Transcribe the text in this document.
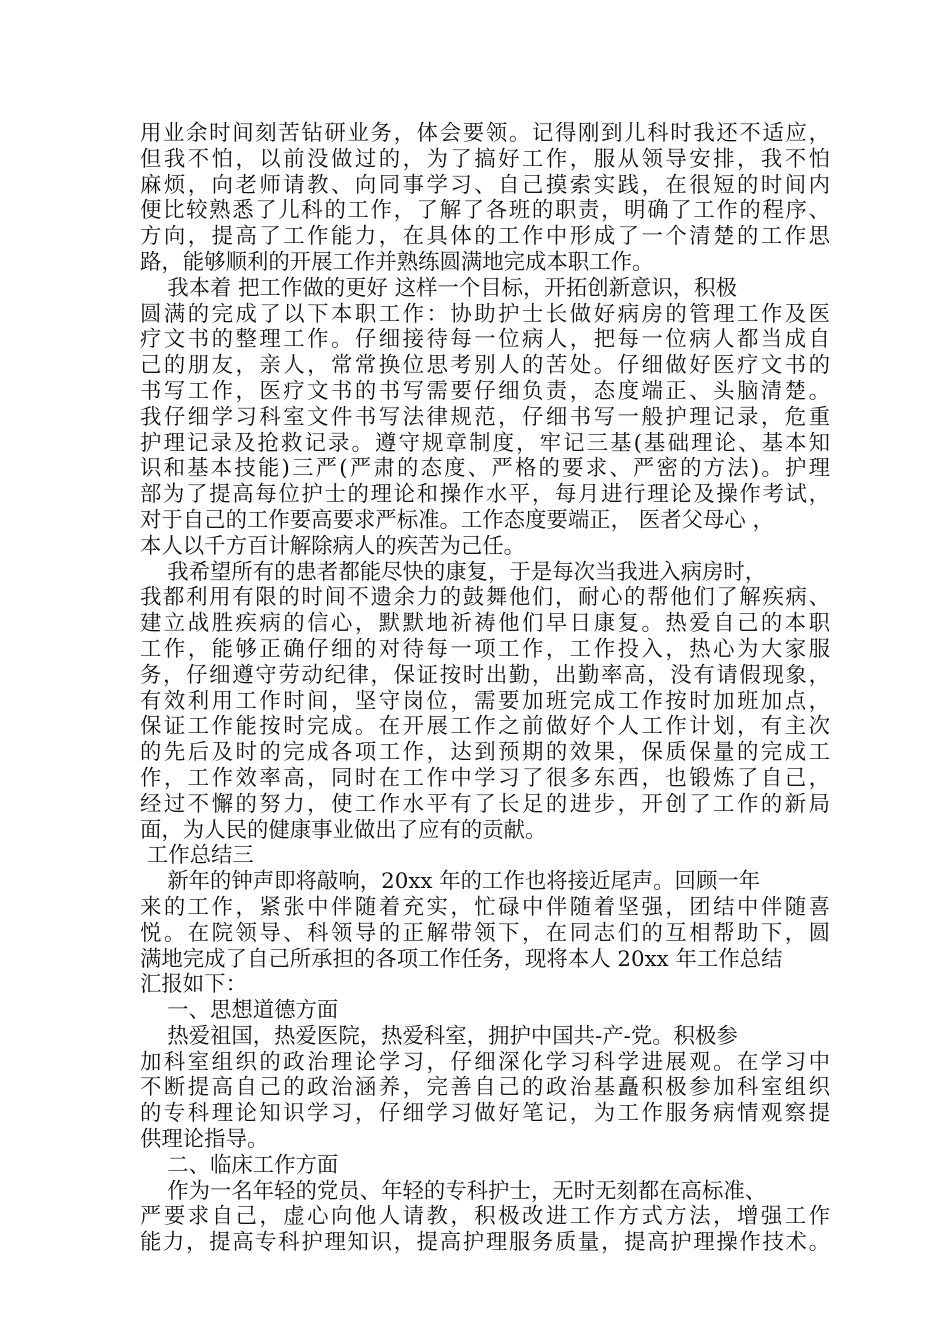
用业余时间刻苦钻研业务，体会要领。记得刚到儿科时我还不适应，
但我不怕，以前没做过的，为了搞好工作，服从领导安排，我不怕
麻烦，向老师请教、向同事学习、自己摸索实践，在很短的时间内
便比较熟悉了儿科的工作，了解了各班的职责，明确了工作的程序、
方向，提高了工作能力，在具体的工作中形成了一个清楚的工作思
路，能够顺利的开展工作并熟练圆满地完成本职工作。
我本着 把工作做的更好 这样一个目标，开拓创新意识，积极
圆满的完成了以下本职工作：协助护士长做好病房的管理工作及医
疗文书的整理工作。仔细接待每一位病人，把每一位病人都当成自
己的朋友，亲人，常常换位思考别人的苦处。仔细做好医疗文书的
书写工作，医疗文书的书写需要仔细负责，态度端正、头脑清楚。
我仔细学习科室文件书写法律规范，仔细书写一般护理记录，危重
护理记录及抢救记录。遵守规章制度，牢记三基(基础理论、基本知
识和基本技能)三严(严肃的态度、严格的要求、严密的方法)。护理
部为了提高每位护士的理论和操作水平，每月进行理论及操作考试，
对于自己的工作要高要求严标准。工作态度要端正， 医者父母心 ，
本人以千方百计解除病人的疾苦为己任。
我希望所有的患者都能尽快的康复，于是每次当我进入病房时，
我都利用有限的时间不遗余力的鼓舞他们，耐心的帮他们了解疾病、
建立战胜疾病的信心，默默地祈祷他们早日康复。热爱自己的本职
工作，能够正确仔细的对待每一项工作，工作投入，热心为大家服
务，仔细遵守劳动纪律，保证按时出勤，出勤率高，没有请假现象，
有效利用工作时间，坚守岗位，需要加班完成工作按时加班加点，
保证工作能按时完成。在开展工作之前做好个人工作计划，有主次
的先后及时的完成各项工作，达到预期的效果，保质保量的完成工
作，工作效率高，同时在工作中学习了很多东西，也锻炼了自己，
经过不懈的努力，使工作水平有了长足的进步，开创了工作的新局
面，为人民的健康事业做出了应有的贡献。
工作总结三
新年的钟声即将敲响，20xx 年的工作也将接近尾声。回顾一年
来的工作，紧张中伴随着充实，忙碌中伴随着坚强，团结中伴随喜
悦。在院领导、科领导的正解带领下，在同志们的互相帮助下，圆
满地完成了自己所承担的各项工作任务，现将本人 20xx 年工作总结
汇报如下：
一、思想道德方面
热爱祖国，热爱医院，热爱科室，拥护中国共-产-党。积极参
加科室组织的政治理论学习，仔细深化学习科学进展观。在学习中
不断提高自己的政治涵养，完善自己的政治基矗积极参加科室组织
的专科理论知识学习，仔细学习做好笔记，为工作服务病情观察提
供理论指导。
二、临床工作方面
作为一名年轻的党员、年轻的专科护士，无时无刻都在高标准、
严要求自己，虚心向他人请教，积极改进工作方式方法，增强工作
能力，提高专科护理知识，提高护理服务质量，提高护理操作技术。
